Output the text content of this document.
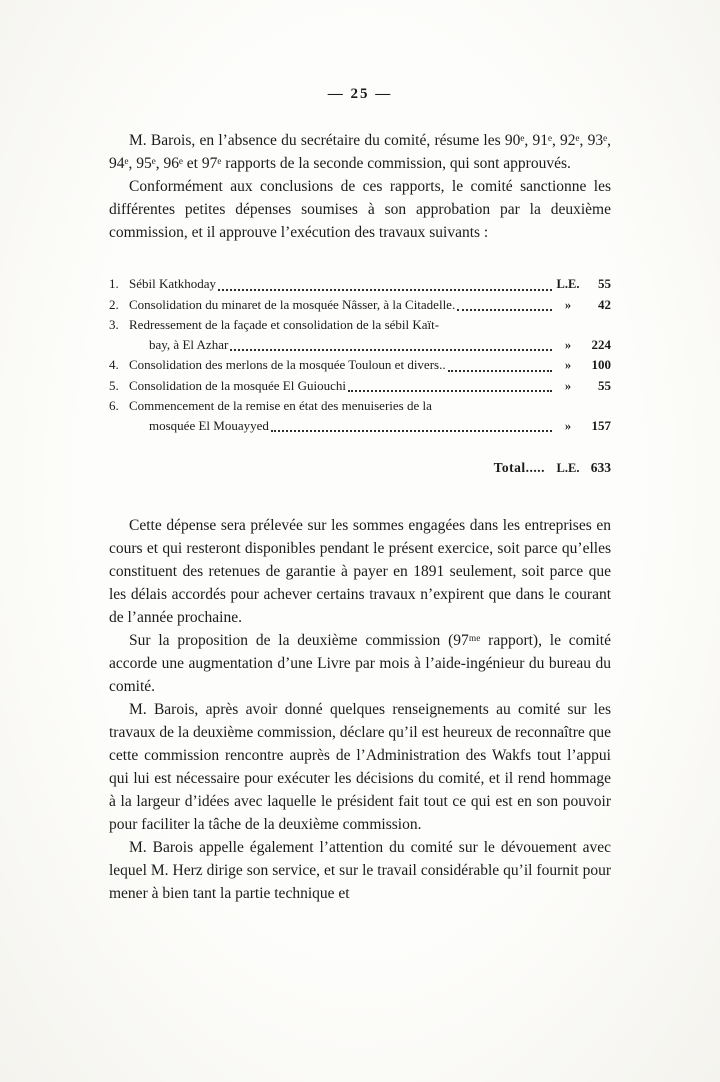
— 25 —

M. Barois, en l’absence du secrétaire du comité, résume les 90ᵉ, 91ᵉ, 92ᵉ, 93ᵉ, 94ᵉ, 95ᵉ, 96ᵉ et 97ᵉ rapports de la seconde commission, qui sont approuvés.

Conformément aux conclusions de ces rapports, le comité sanctionne les différentes petites dépenses soumises à son approbation par la deuxième commission, et il approuve l’exécution des travaux suivants :

1. Sébil Katkhoday	L.E.	55
2. Consolidation du minaret de la mosquée Nâsser, à la Citadelle.	»	42
3. Redressement de la façade et consolidation de la sébil Kaït-
bay, à El Azhar	»	224
4. Consolidation des merlons de la mosquée Touloun et divers..	»	100
5. Consolidation de la mosquée El Guiouchi	»	55
6. Commencement de la remise en état des menuiseries de la
mosquée El Mouayyed	»	157
Total..... L.E. 633

Cette dépense sera prélevée sur les sommes engagées dans les entreprises en cours et qui resteront disponibles pendant le présent exercice, soit parce qu’elles constituent des retenues de garantie à payer en 1891 seulement, soit parce que les délais accordés pour achever certains travaux n’expirent que dans le courant de l’année prochaine.

Sur la proposition de la deuxième commission (97ᵐᵉ rapport), le comité accorde une augmentation d’une Livre par mois à l’aide-ingénieur du bureau du comité.

M. Barois, après avoir donné quelques renseignements au comité sur les travaux de la deuxième commission, déclare qu’il est heureux de reconnaître que cette commission rencontre auprès de l’Administration des Wakfs tout l’appui qui lui est nécessaire pour exécuter les décisions du comité, et il rend hommage à la largeur d’idées avec laquelle le président fait tout ce qui est en son pouvoir pour faciliter la tâche de la deuxième commission.

M. Barois appelle également l’attention du comité sur le dévouement avec lequel M. Herz dirige son service, et sur le travail considérable qu’il fournit pour mener à bien tant la partie technique et
